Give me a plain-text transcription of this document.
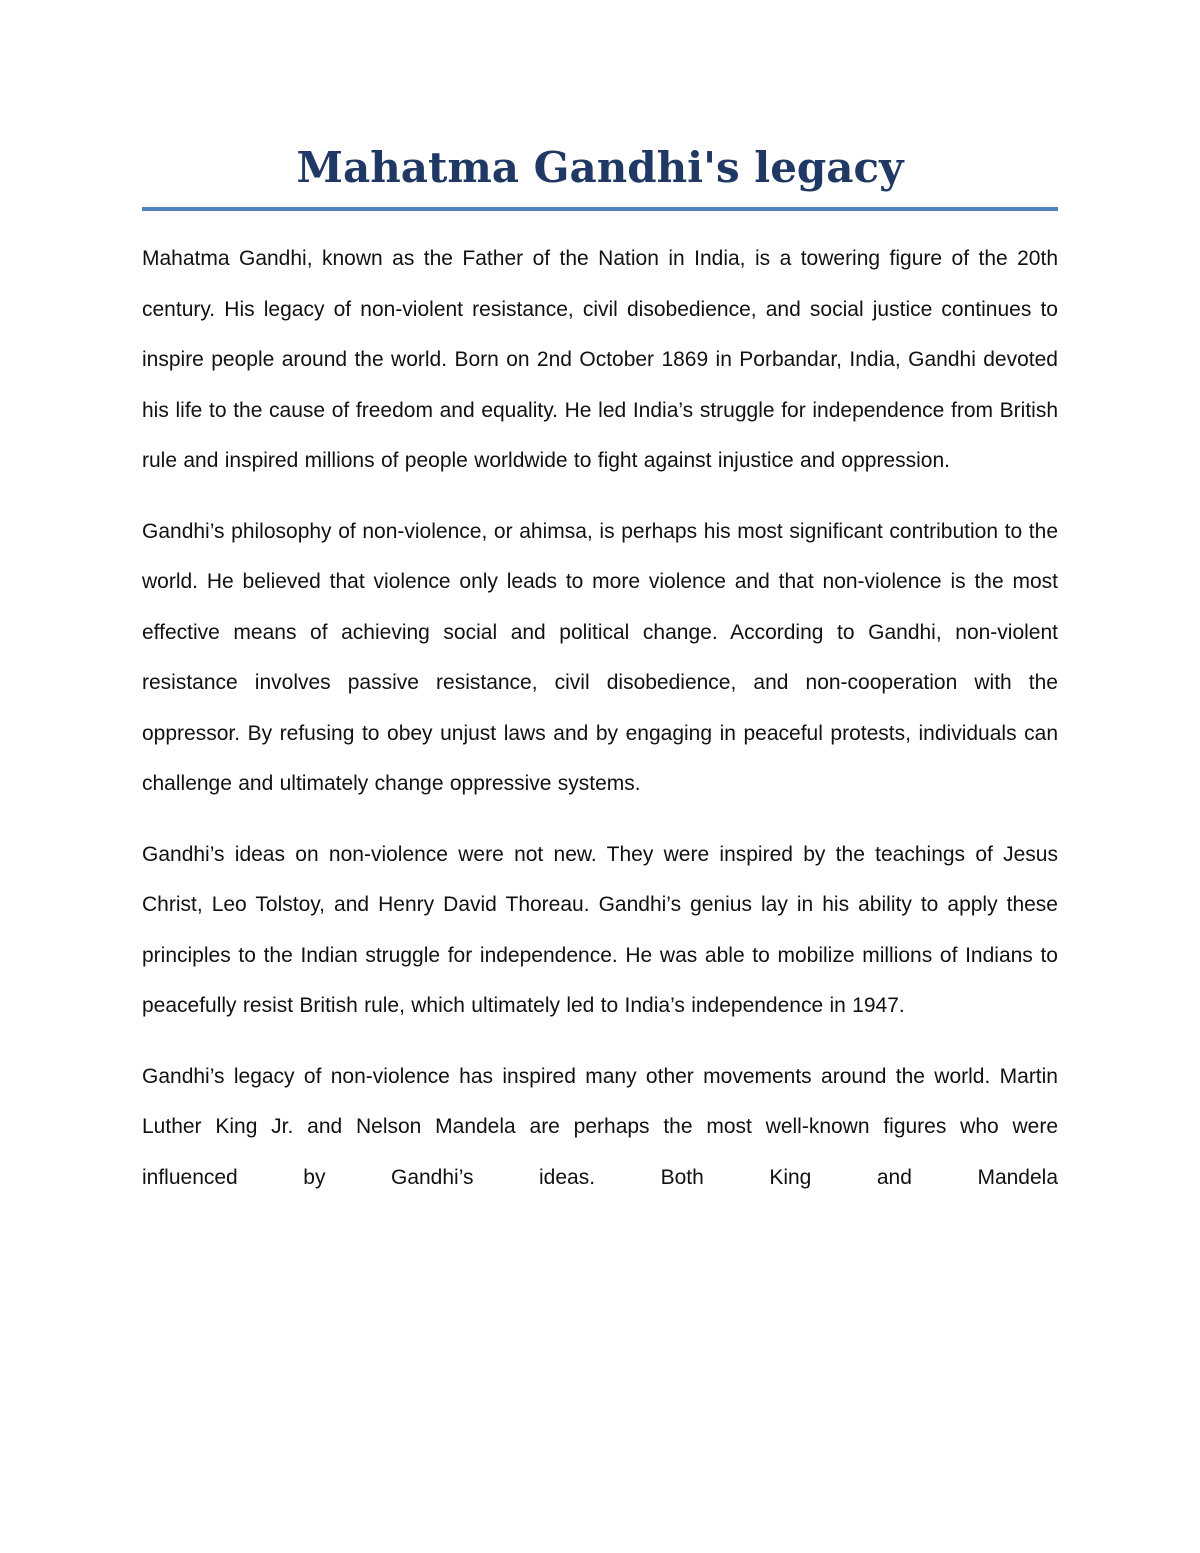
Mahatma Gandhi's legacy

Mahatma Gandhi, known as the Father of the Nation in India, is a towering figure of the 20th century. His legacy of non-violent resistance, civil disobedience, and social justice continues to inspire people around the world. Born on 2nd October 1869 in Porbandar, India, Gandhi devoted his life to the cause of freedom and equality. He led India’s struggle for independence from British rule and inspired millions of people worldwide to fight against injustice and oppression.

Gandhi’s philosophy of non-violence, or ahimsa, is perhaps his most significant contribution to the world. He believed that violence only leads to more violence and that non-violence is the most effective means of achieving social and political change. According to Gandhi, non-violent resistance involves passive resistance, civil disobedience, and non-cooperation with the oppressor. By refusing to obey unjust laws and by engaging in peaceful protests, individuals can challenge and ultimately change oppressive systems.

Gandhi’s ideas on non-violence were not new. They were inspired by the teachings of Jesus Christ, Leo Tolstoy, and Henry David Thoreau. Gandhi’s genius lay in his ability to apply these principles to the Indian struggle for independence. He was able to mobilize millions of Indians to peacefully resist British rule, which ultimately led to India’s independence in 1947.

Gandhi’s legacy of non-violence has inspired many other movements around the world. Martin Luther King Jr. and Nelson Mandela are perhaps the most well-known figures who were influenced by Gandhi’s ideas. Both King and Mandela
